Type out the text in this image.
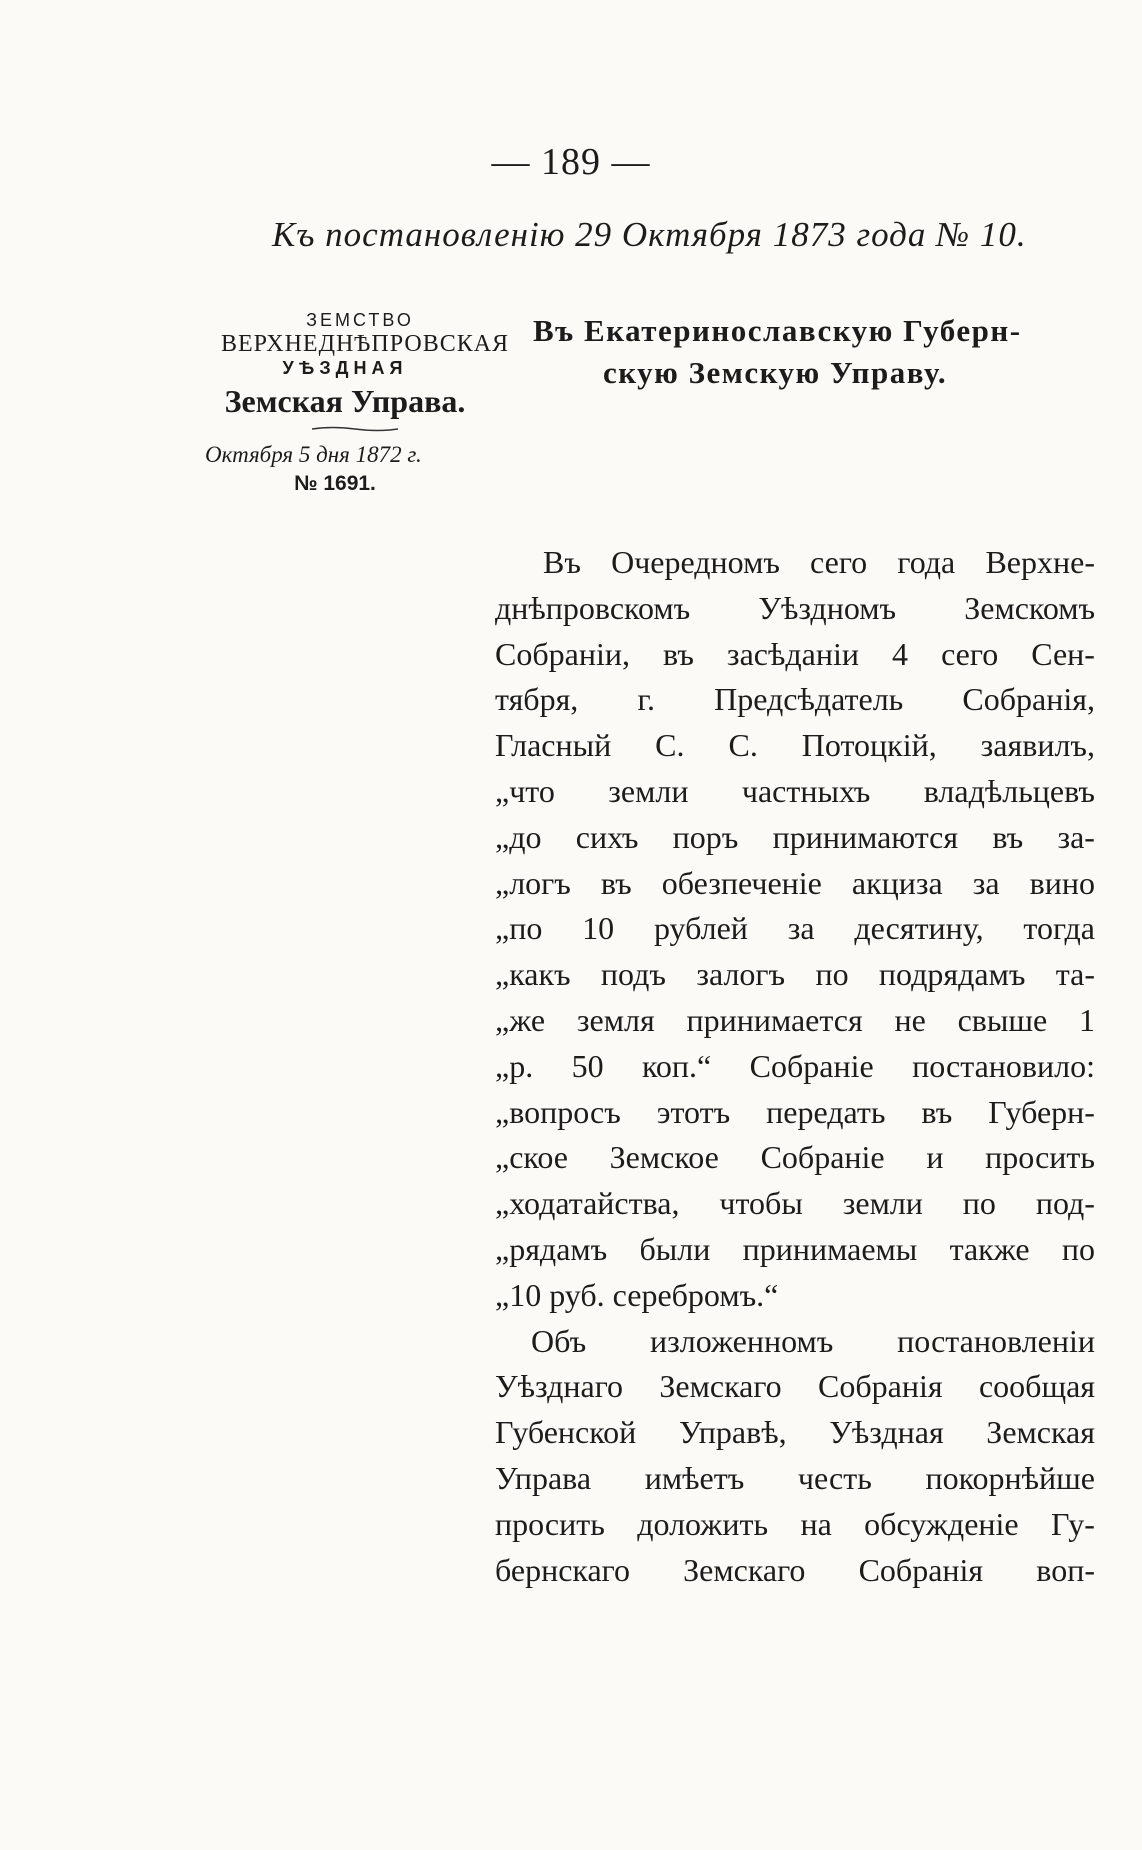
— 189 —
Къ постановленію 29 Октября 1873 года № 10.
ЗЕМСТВО
ВЕРХНЕДНѢПРОВСКАЯ
УѢЗДНАЯ
Земская Управа.
Октября 5 дня 1872 г.
№ 1691.
Въ Екатеринославскую Губерн-
скую Земскую Управу.
Въ Очередномъ сего года Верхне-
днѣпровскомъ Уѣздномъ Земскомъ
Собраніи, въ засѣданіи 4 сего Сен-
тября, г. Предсѣдатель Собранія,
Гласный С. С. Потоцкій, заявилъ,
„что земли частныхъ владѣльцевъ
„до сихъ поръ принимаются въ за-
„логъ въ обезпеченіе акциза за вино
„по 10 рублей за десятину, тогда
„какъ подъ залогъ по подрядамъ та-
„же земля принимается не свыше 1
„р. 50 коп.“ Собраніе постановило:
„вопросъ этотъ передать въ Губерн-
„ское Земское Собраніе и просить
„ходатайства, чтобы земли по под-
„рядамъ были принимаемы также по
„10 руб. серебромъ.“
Объ изложенномъ постановленіи
Уѣзднаго Земскаго Собранія сообщая
Губенской Управѣ, Уѣздная Земская
Управа имѣетъ честь покорнѣйше
просить доложить на обсужденіе Гу-
бернскаго Земскаго Собранія воп-
